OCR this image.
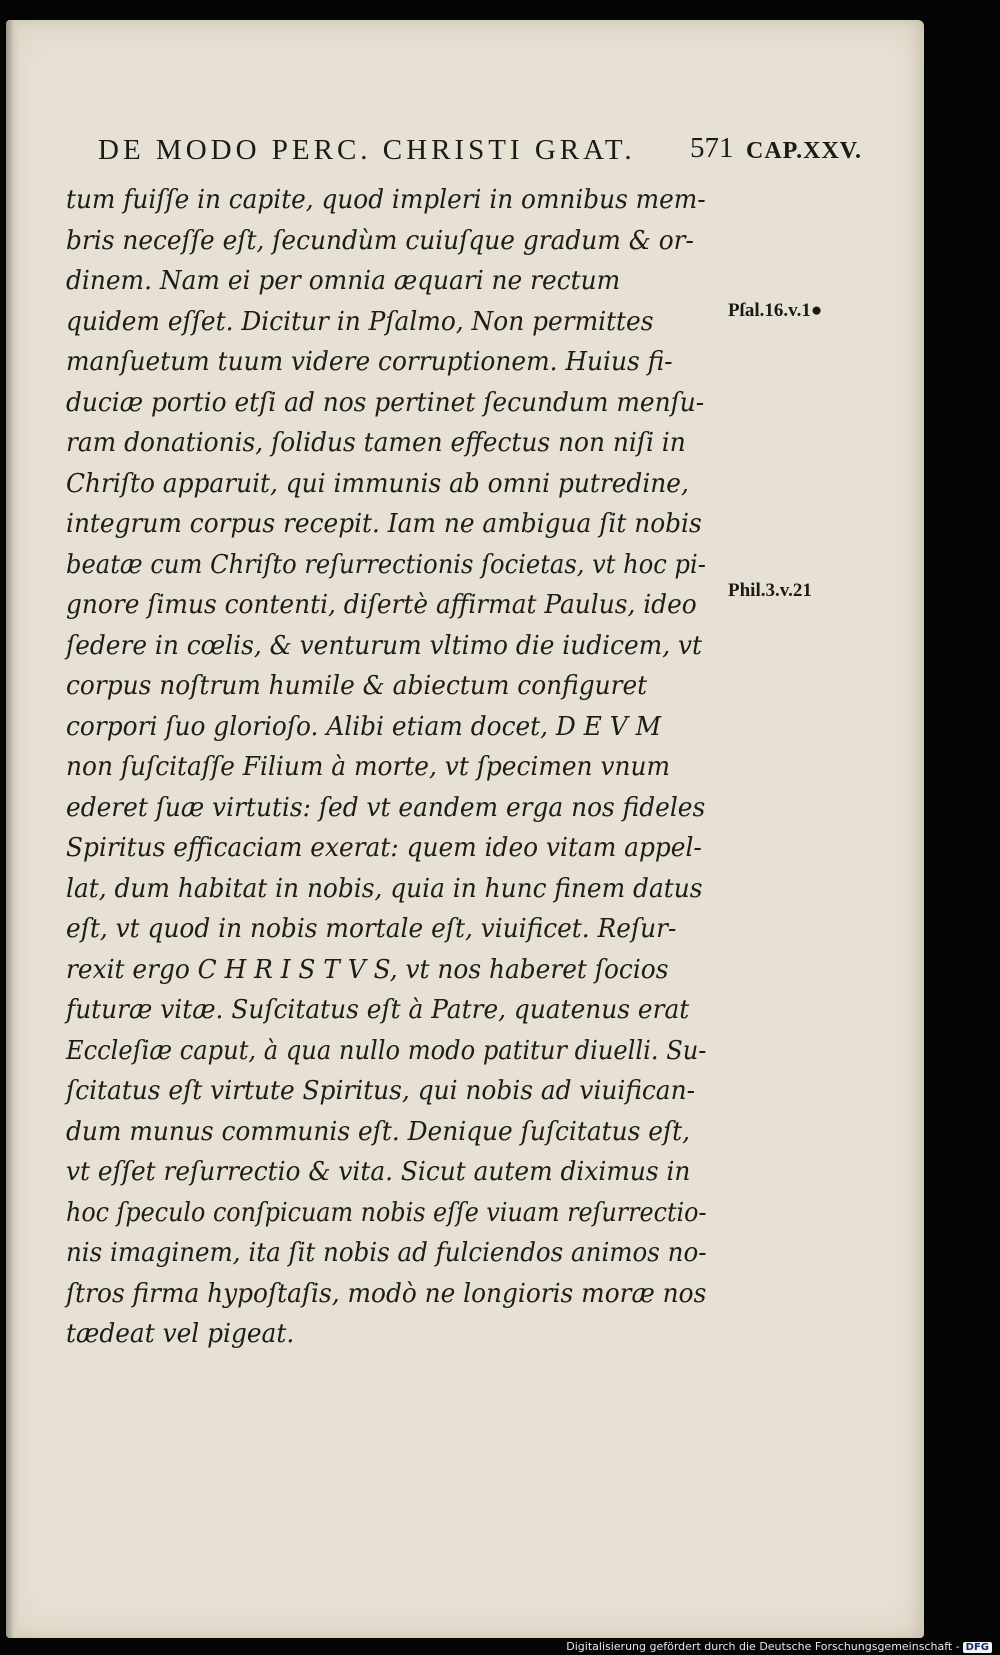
DE MODO PERC. CHRISTI GRAT.	571 CAP.XXV.
Pſal.16.v.1●
Phil.3.v.21
tum fuiſſe in capite, quod impleri in omnibus mem-
bris neceſſe eſt, ſecundùm cuiuſque gradum & or-
dinem. Nam ei per omnia æquari ne rectum
quidem eſſet. Dicitur in Pſalmo, Non permittes
manſuetum tuum videre corruptionem. Huius fi-
duciæ portio etſi ad nos pertinet ſecundum menſu-
ram donationis, ſolidus tamen effectus non niſi in
Chriſto apparuit, qui immunis ab omni putredine,
integrum corpus recepit. Iam ne ambigua ſit nobis
beatæ cum Chriſto reſurrectionis ſocietas, vt hoc pi-
gnore ſimus contenti, diſertè affirmat Paulus, ideo
ſedere in cœlis, & venturum vltimo die iudicem, vt
corpus noſtrum humile & abiectum configuret
corpori ſuo glorioſo. Alibi etiam docet, D E V M
non ſuſcitaſſe Filium à morte, vt ſpecimen vnum
ederet ſuæ virtutis: ſed vt eandem erga nos fideles
Spiritus efficaciam exerat: quem ideo vitam appel-
lat, dum habitat in nobis, quia in hunc finem datus
eſt, vt quod in nobis mortale eſt, viuificet. Reſur-
rexit ergo C H R I S T V S, vt nos haberet ſocios
futuræ vitæ. Suſcitatus eſt à Patre, quatenus erat
Eccleſiæ caput, à qua nullo modo patitur diuelli. Su-
ſcitatus eſt virtute Spiritus, qui nobis ad viuifican-
dum munus communis eſt. Denique ſuſcitatus eſt,
vt eſſet reſurrectio & vita. Sicut autem diximus in
hoc ſpeculo conſpicuam nobis eſſe viuam reſurrectio-
nis imaginem, ita ſit nobis ad fulciendos animos no-
ſtros firma hypoſtaſis, modò ne longioris moræ nos
tædeat vel pigeat.
Digitalisierung gefördert durch die Deutsche Forschungsgemeinschaft - DFG
